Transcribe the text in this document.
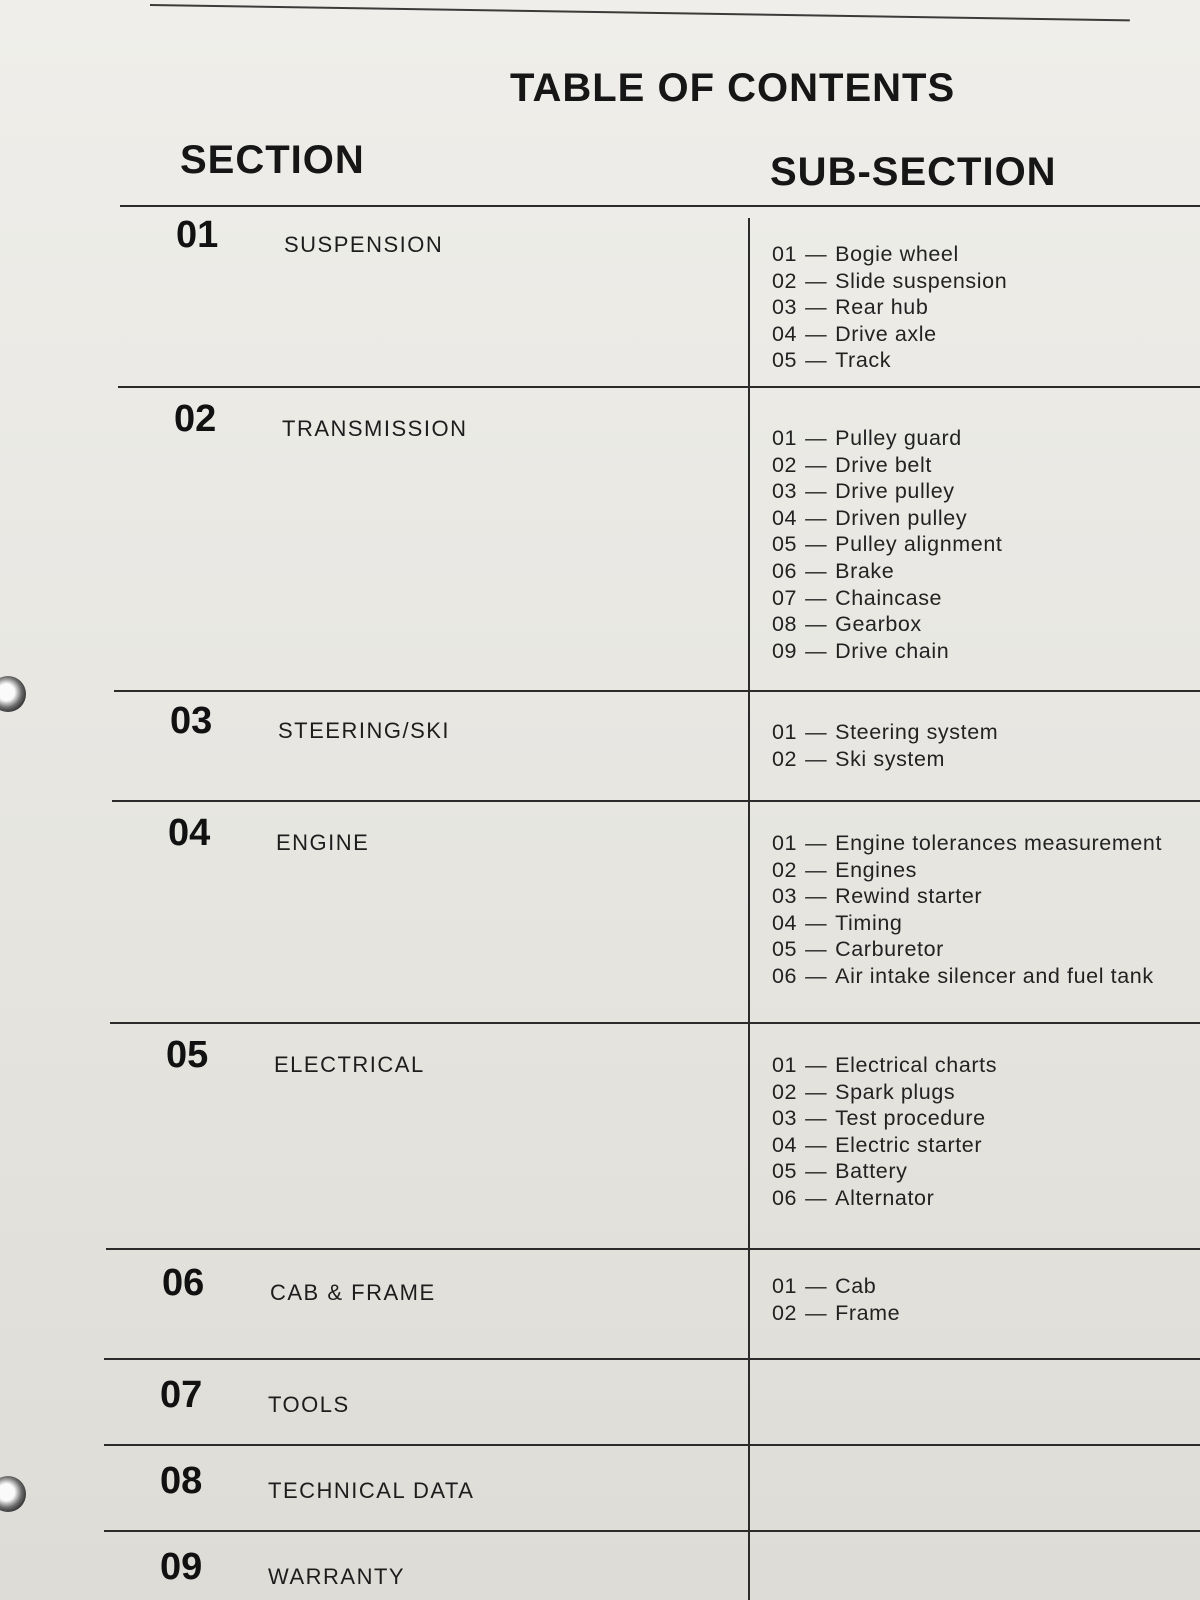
TABLE OF CONTENTS
SECTION	SUB-SECTION
01	SUSPENSION	01 — Bogie wheel
02 — Slide suspension
03 — Rear hub
04 — Drive axle
05 — Track
02	TRANSMISSION	01 — Pulley guard
02 — Drive belt
03 — Drive pulley
04 — Driven pulley
05 — Pulley alignment
06 — Brake
07 — Chaincase
08 — Gearbox
09 — Drive chain
03	STEERING/SKI	01 — Steering system
02 — Ski system
04	ENGINE	01 — Engine tolerances measurement
02 — Engines
03 — Rewind starter
04 — Timing
05 — Carburetor
06 — Air intake silencer and fuel tank
05	ELECTRICAL	01 — Electrical charts
02 — Spark plugs
03 — Test procedure
04 — Electric starter
05 — Battery
06 — Alternator
06	CAB & FRAME	01 — Cab
02 — Frame
07	TOOLS
08	TECHNICAL DATA
09	WARRANTY
